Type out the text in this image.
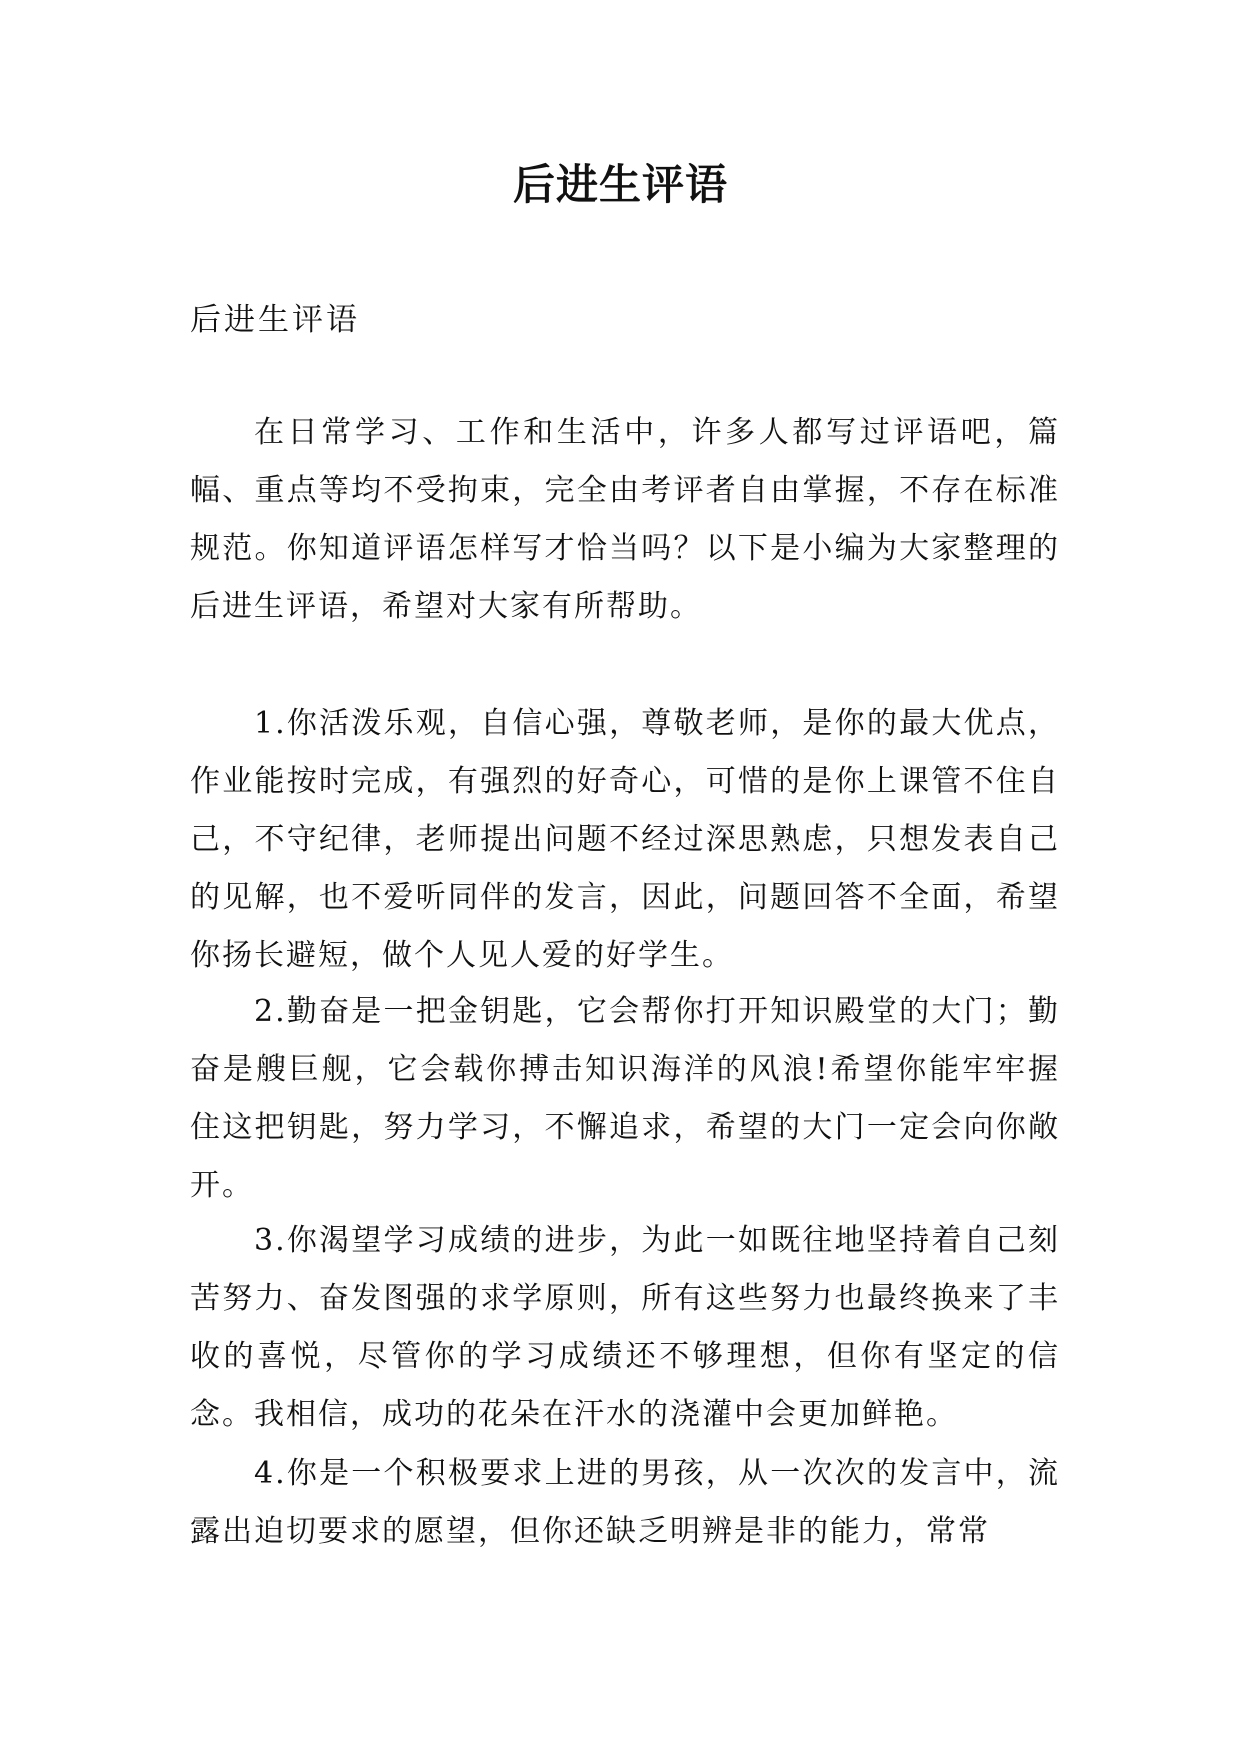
后进生评语

后进生评语

在日常学习、工作和生活中，许多人都写过评语吧，篇幅、重点等均不受拘束，完全由考评者自由掌握，不存在标准规范。你知道评语怎样写才恰当吗？以下是小编为大家整理的后进生评语，希望对大家有所帮助。

1.你活泼乐观，自信心强，尊敬老师，是你的最大优点，作业能按时完成，有强烈的好奇心，可惜的是你上课管不住自己，不守纪律，老师提出问题不经过深思熟虑，只想发表自己的见解，也不爱听同伴的发言，因此，问题回答不全面，希望你扬长避短，做个人见人爱的好学生。

2.勤奋是一把金钥匙，它会帮你打开知识殿堂的大门；勤奋是艘巨舰，它会载你搏击知识海洋的风浪!希望你能牢牢握住这把钥匙，努力学习，不懈追求，希望的大门一定会向你敞开。

3.你渴望学习成绩的进步，为此一如既往地坚持着自己刻苦努力、奋发图强的求学原则，所有这些努力也最终换来了丰收的喜悦，尽管你的学习成绩还不够理想，但你有坚定的信念。我相信，成功的花朵在汗水的浇灌中会更加鲜艳。

4.你是一个积极要求上进的男孩，从一次次的发言中，流露出迫切要求的愿望，但你还缺乏明辨是非的能力，常常
